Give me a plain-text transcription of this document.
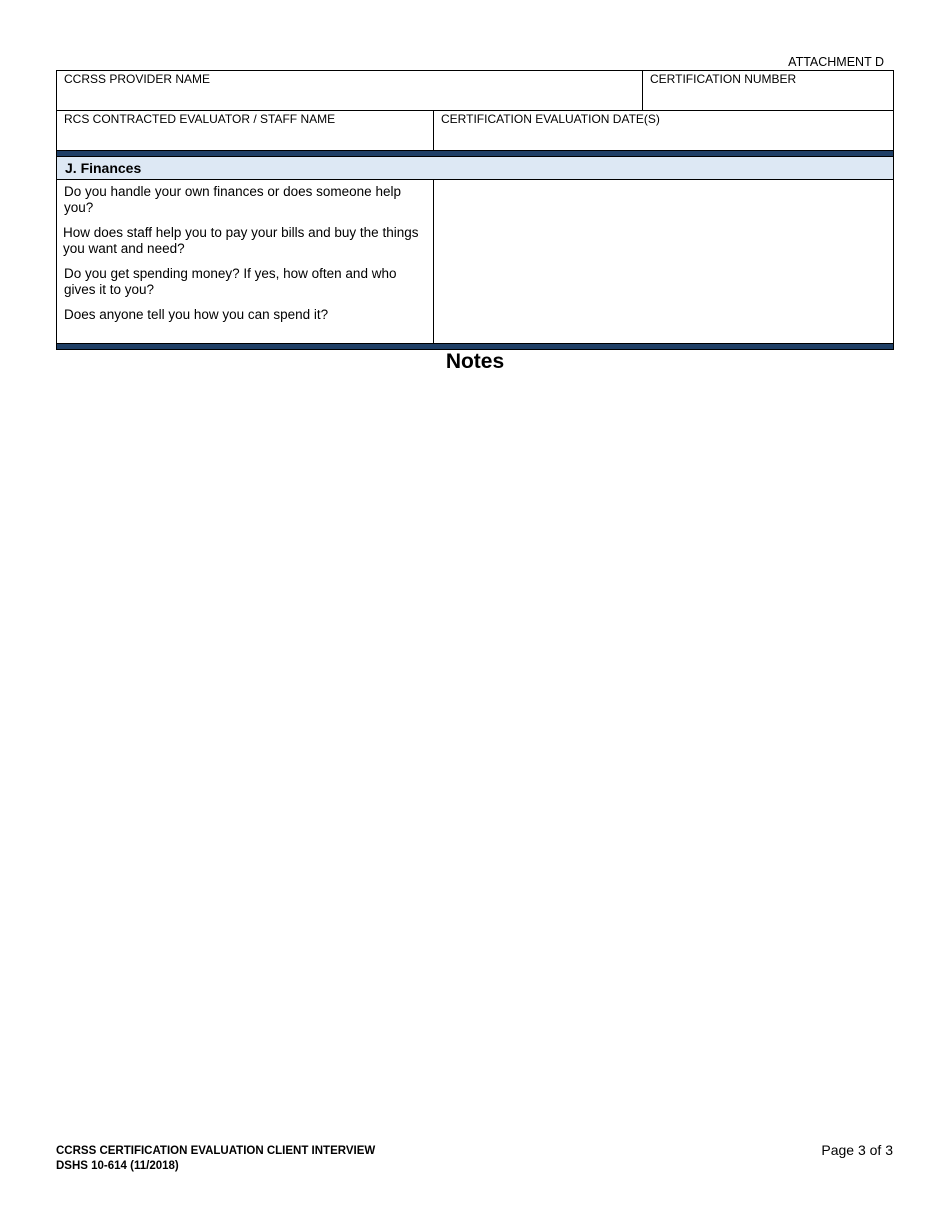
ATTACHMENT D
CCRSS PROVIDER NAME		CERTIFICATION NUMBER

RCS CONTRACTED EVALUATOR / STAFF NAME	CERTIFICATION EVALUATION DATE(S)	

J. Finances		

Do you handle your own finances or does someone help you?
How does staff help you to pay your bills and buy the things you want and need?
Do you get spending money? If yes, how often and who gives it to you?
Does anyone tell you how you can spend it?		

Notes
CCRSS CERTIFICATION EVALUATION CLIENT INTERVIEW
DSHS 10-614 (11/2018)
Page 3 of 3
